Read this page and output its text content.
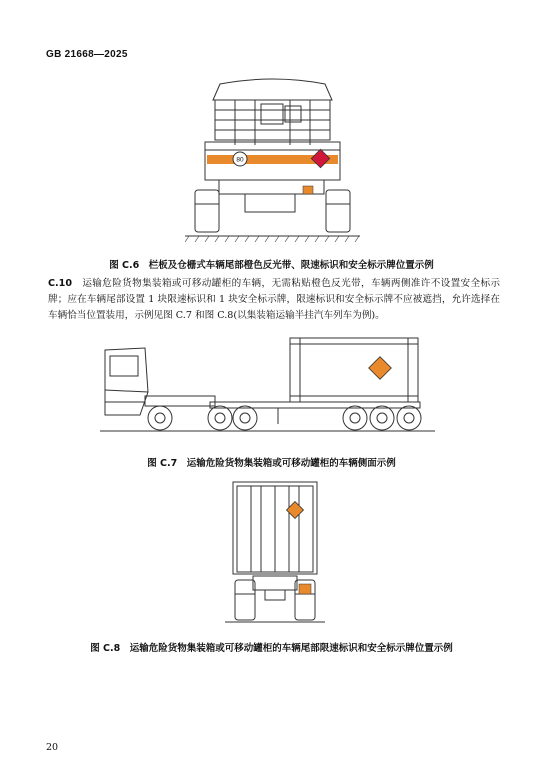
GB 21668—2025
80
图 C.6　栏板及仓栅式车辆尾部橙色反光带、限速标识和安全标示牌位置示例
C.10　 运输危险货物集装箱或可移动罐柜的车辆，无需粘贴橙色反光带，车辆两侧准许不设置安全标示牌；应在车辆尾部设置 1 块限速标识和 1 块安全标示牌，限速标识和安全标示牌不应被遮挡，允许选择在车辆恰当位置装用，示例见图 C.7 和图 C.8(以集装箱运输半挂汽车列车为例)。
图 C.7　运输危险货物集装箱或可移动罐柜的车辆侧面示例
图 C.8　运输危险货物集装箱或可移动罐柜的车辆尾部限速标识和安全标示牌位置示例
20
